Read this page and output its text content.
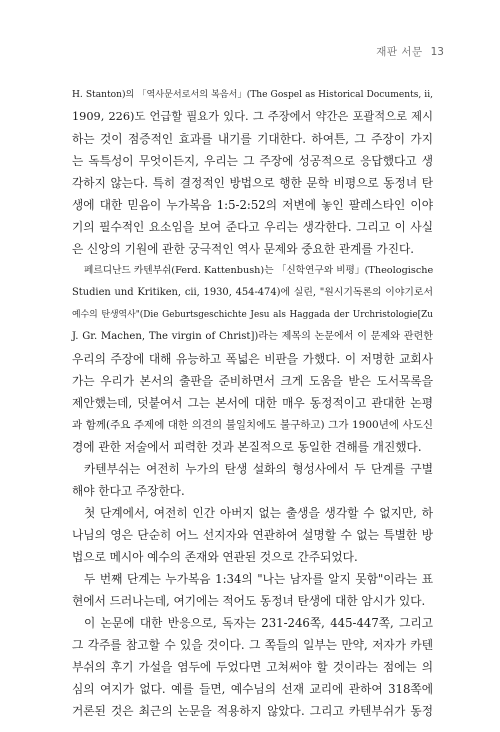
재판 서문 13
H. Stanton)의 「역사문서로서의 복음서」(The Gospel as Historical Documents, ii,
1909, 226)도 언급할 필요가 있다. 그 주장에서 약간은 포괄적으로 제시
하는 것이 점증적인 효과를 내기를 기대한다. 하여튼, 그 주장이 가지
는 독특성이 무엇이든지, 우리는 그 주장에 성공적으로 응답했다고 생
각하지 않는다. 특히 결정적인 방법으로 행한 문학 비평으로 동정녀 탄
생에 대한 믿음이 누가복음 1:5-2:52의 저변에 놓인 팔레스타인 이야
기의 필수적인 요소임을 보여 준다고 우리는 생각한다. 그리고 이 사실
은 신앙의 기원에 관한 궁극적인 역사 문제와 중요한 관계를 가진다.
페르디난드 카텐부쉬(Ferd. Kattenbush)는 「신학연구와 비평」(Theologische
Studien und Kritiken, cii, 1930, 454-474)에 실린, "원시기독론의 이야기로서
예수의 탄생역사"(Die Geburtsgeschichte Jesu als Haggada der Urchristologie[Zu
J. Gr. Machen, The virgin of Christ])라는 제목의 논문에서 이 문제와 관련한
우리의 주장에 대해 유능하고 폭넓은 비판을 가했다. 이 저명한 교회사
가는 우리가 본서의 출판을 준비하면서 크게 도움을 받은 도서목록을
제안했는데, 덧붙여서 그는 본서에 대한 매우 동정적이고 관대한 논평
과 함께(주요 주제에 대한 의견의 불일치에도 불구하고) 그가 1900년에 사도신
경에 관한 저술에서 피력한 것과 본질적으로 동일한 견해를 개진했다.
카텐부쉬는 여전히 누가의 탄생 설화의 형성사에서 두 단계를 구별
해야 한다고 주장한다.
첫 단계에서, 여전히 인간 아버지 없는 출생을 생각할 수 없지만, 하
나님의 영은 단순히 어느 선지자와 연관하여 설명할 수 없는 특별한 방
법으로 메시아 예수의 존재와 연관된 것으로 간주되었다.
두 번째 단계는 누가복음 1:34의 "나는 남자를 알지 못함"이라는 표
현에서 드러나는데, 여기에는 적어도 동정녀 탄생에 대한 암시가 있다.
이 논문에 대한 반응으로, 독자는 231-246쪽, 445-447쪽, 그리고
그 각주를 참고할 수 있을 것이다. 그 쪽들의 일부는 만약, 저자가 카텐
부쉬의 후기 가설을 염두에 두었다면 고쳐써야 할 것이라는 점에는 의
심의 여지가 없다. 예를 들면, 예수님의 선재 교리에 관하여 318쪽에
거론된 것은 최근의 논문을 적용하지 않았다. 그리고 카텐부쉬가 동정
